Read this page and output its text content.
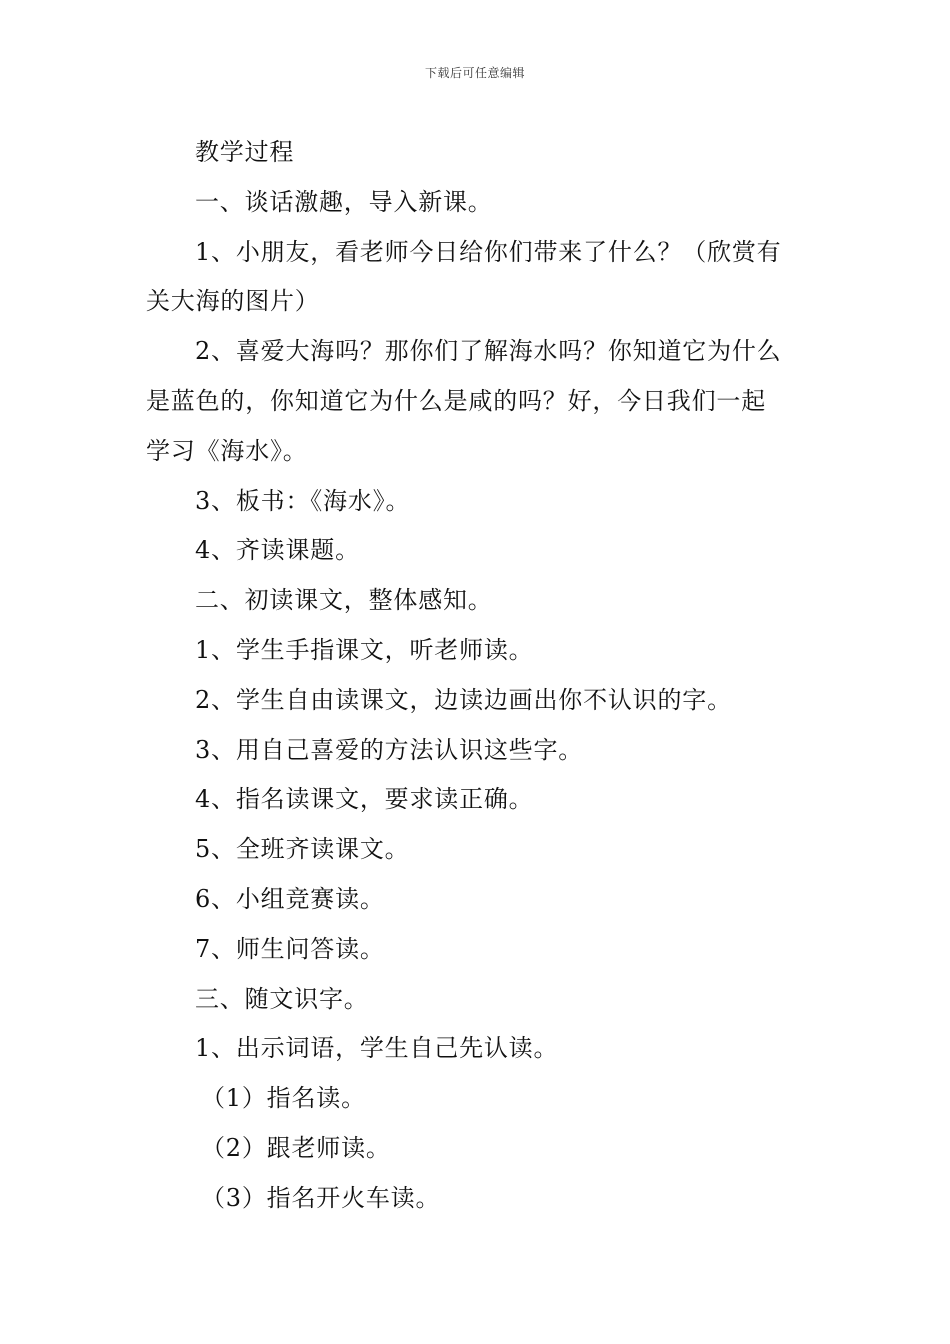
下载后可任意编辑

教学过程

一、谈话激趣，导入新课。

1、小朋友，看老师今日给你们带来了什么？（欣赏有

关大海的图片）

2、喜爱大海吗？那你们了解海水吗？你知道它为什么

是蓝色的，你知道它为什么是咸的吗？好，今日我们一起

学习《海水》。

3、板书：《海水》。

4、齐读课题。

二、初读课文，整体感知。

1、学生手指课文，听老师读。

2、学生自由读课文，边读边画出你不认识的字。

3、用自己喜爱的方法认识这些字。

4、指名读课文，要求读正确。

5、全班齐读课文。

6、小组竞赛读。

7、师生问答读。

三、随文识字。

1、出示词语，学生自己先认读。

（1）指名读。

（2）跟老师读。

（3）指名开火车读。
